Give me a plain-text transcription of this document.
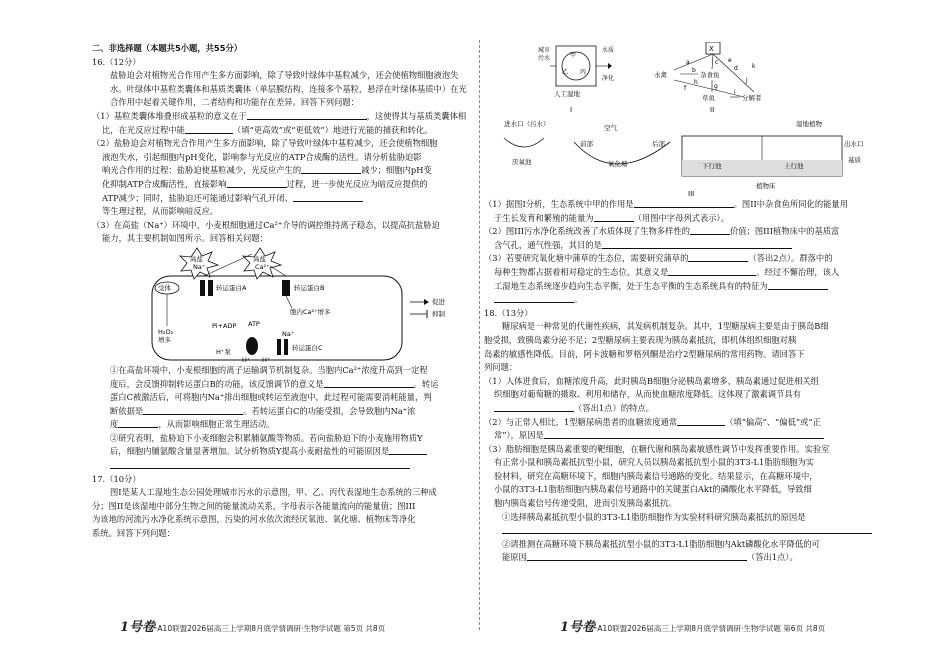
二、非选择题（本题共5小题，共55分）

16.（12分）

盐胁迫会对植物光合作用产生多方面影响，除了导致叶绿体中基粒减少，还会使植物细胞液泡失水。叶绿体中基粒类囊体和基质类囊体（单层膜结构，连接多个基粒，悬浮在叶绿体基质中）在光合作用中起着关键作用，二者结构和功能存在差异。回答下列问题：

（1）基粒类囊体堆叠形成基粒的意义在于	，这使得其与基质类囊体相

比，在光反应过程中能	（填“更高效”或“更低效”）地进行光能的捕获和转化。

（2）盐胁迫会对植物光合作用产生多方面影响，除了导致叶绿体中基粒减少，还会使植物细胞

液泡失水，引起细胞内pH变化，影响参与光反应的ATP合成酶的活性。请分析盐胁迫影

响光合作用的过程：盐胁迫使基粒减少，光反应产生的	减少；细胞内pH变

化抑制ATP合成酶活性，直接影响	过程，进一步使光反应为暗反应提供的

ATP减少；同时，盐胁迫还可能通过影响气孔开闭、

等生理过程，从而影响暗反应。

（3）在高盐（Na⁺）环境中，小麦根细胞通过Ca²⁺介导的调控维持离子稳态，以提高抗盐胁迫

能力，其主要机制如图所示。回答相关问题：

高盐
Na⁺
高盐
Ca²⁺
受体	转运蛋白A	转运蛋白B
促进
抑制
H₂O₂
增多
胞内Ca²⁺增多
Pi+ADP ATP
Na⁺
H⁺泵	转运蛋白C
H⁺ H⁺

①在高盐环境中，小麦根细胞的离子运输调节机制复杂。当胞内Ca²⁺浓度升高到一定程

度后，会反馈抑制转运蛋白B的功能，该反馈调节的意义是	。转运

蛋白C被激活后，可将胞内Na⁺排出细胞或转运至液泡中，此过程可能需要消耗能量，判

断依据是	。若转运蛋白C的功能受损，会导致胞内Na⁺浓

度	，从而影响细胞正常生理活动。

②研究表明，盐胁迫下小麦细胞会积累脯氨酸等物质。若向盐胁迫下的小麦施用物质Y

后，细胞内脯氨酸含量显著增加。试分析物质Y提高小麦耐盐性的可能原因是

17.（10分）

图I是某人工湿地生态公园处理城市污水的示意图，甲、乙、丙代表湿地生态系统的三种成

分；图II是该湿地中部分生物之间的能量流动关系，字母表示各能量流向的能量值；图III

为该地的河流污水净化系统示意图，污染的河水依次流经厌氧池、氧化塘、植物床等净化

系统。回答下列问题：

城市
污水	甲
乙 丙
水质
净化
人工湿地
I
X
水禽	杂食鱼
草鱼	分解者
a
b
c
d
e
f	g
h
i
j
k
II
进水口（污水）
厌氧池
空气
前部	后部
氧化塘
湿地植物
下行池	上行池
出水口
基质
植物床
III

（1）据图I分析，生态系统中甲的作用是	。图II中杂食鱼所同化的能量用

于生长发育和繁殖的能量为	（用图中字母列式表示）。

（2）图III污水净化系统改善了水质体现了生物多样性的	价值；图III植物床中的基质富

含气孔，通气性强，其目的是

（3）若要研究氧化塘中蒲草的生态位，需要研究蒲草的	（答出2点）。群落中的

每种生物都占据着相对稳定的生态位，其意义是	。经过不懈治理，该人

工湿地生态系统逐步趋向生态平衡，处于生态平衡的生态系统具有的特征为

。

18.（13分）

糖尿病是一种常见的代谢性疾病，其发病机制复杂。其中，1型糖尿病主要是由于胰岛B细

胞受损，致胰岛素分泌不足；2型糖尿病主要表现为胰岛素抵抗，即机体组织细胞对胰

岛素的敏感性降低。目前，阿卡波糖和罗格列酮是治疗2型糖尿病的常用药物。请回答下

列问题：

（1）人体进食后，血糖浓度升高，此时胰岛B细胞分泌胰岛素增多，胰岛素通过促进相关组

织细胞对葡萄糖的摄取、利用和储存，从而使血糖浓度降低。这体现了激素调节具有

（答出1点）的特点。

（2）与正常人相比，1型糖尿病患者的血糖浓度通常	（填“偏高”、“偏低”或“正

常”），原因是

（3）脂肪细胞是胰岛素重要的靶细胞，在糖代谢和胰岛素敏感性调节中发挥重要作用。实验室

有正常小鼠和胰岛素抵抗型小鼠，研究人员以胰岛素抵抗型小鼠的3T3-L1脂肪细胞为实

验材料，研究在高糖环境下，细胞内胰岛素信号通路的变化。结果显示，在高糖环境中，

小鼠的3T3-L1脂肪细胞内胰岛素信号通路中的关键蛋白Akt的磷酸化水平降低，导致细

胞内胰岛素信号传递受阻，进而引发胰岛素抵抗。

①选择胰岛素抵抗型小鼠的3T3-L1脂肪细胞作为实验材料研究胰岛素抵抗的原因是

②请推测在高糖环境下胰岛素抵抗型小鼠的3T3-L1脂肪细胞内Akt磷酸化水平降低的可

能原因	（答出1点）。

1号卷·A10联盟2026届高三上学期8月底学情调研·生物学试题 第5页 共8页	1号卷·A10联盟2026届高三上学期8月底学情调研·生物学试题 第6页 共8页
